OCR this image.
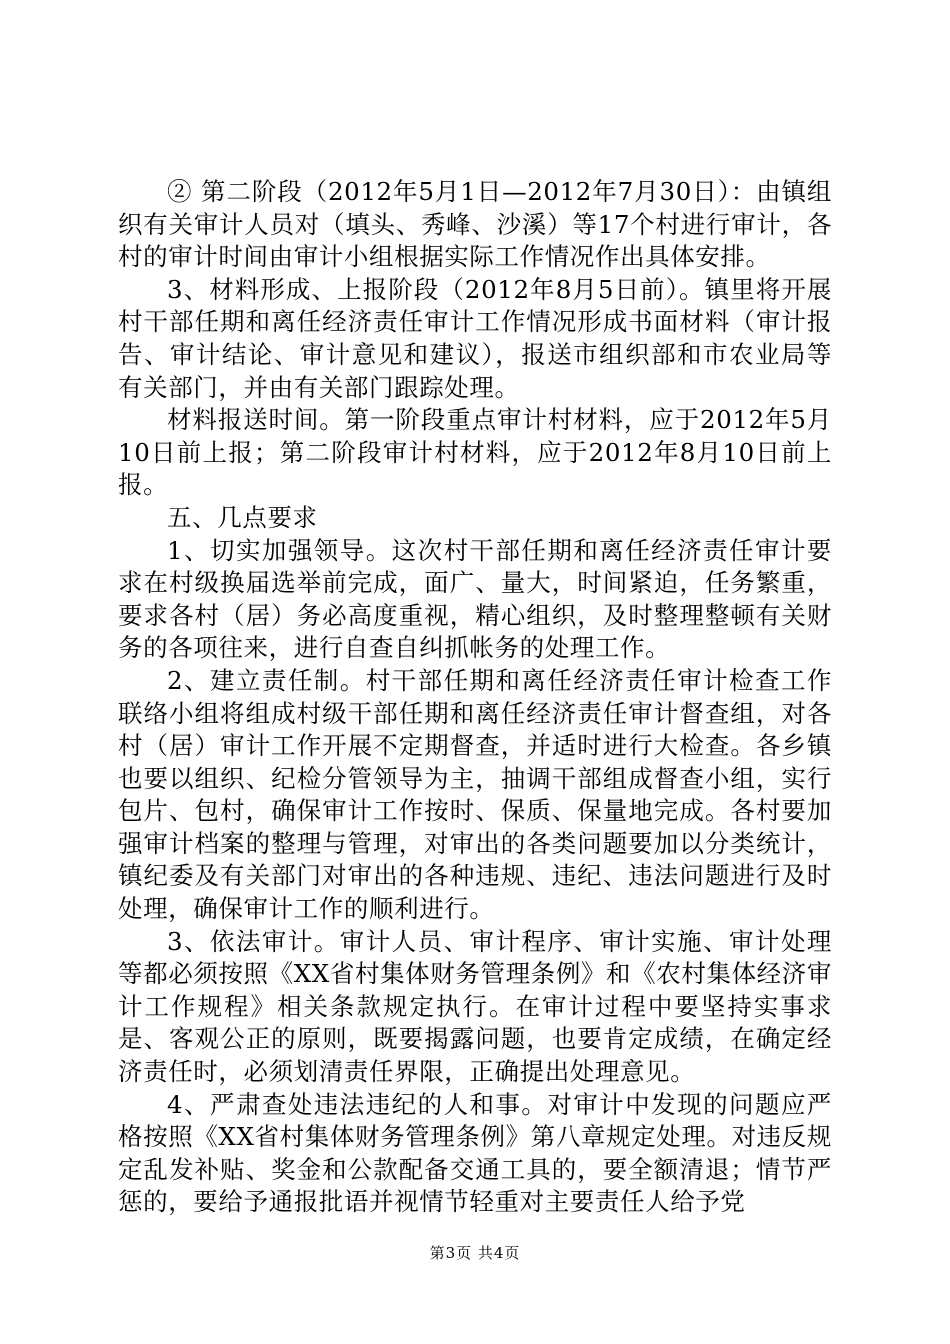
② 第二阶段（2012年5月1日—2012年7月30日）：由镇组织有关审计人员对（填头、秀峰、沙溪）等17个村进行审计，各村的审计时间由审计小组根据实际工作情况作出具体安排。

3、材料形成、上报阶段（2012年8月5日前）。镇里将开展村干部任期和离任经济责任审计工作情况形成书面材料（审计报告、审计结论、审计意见和建议），报送市组织部和市农业局等有关部门，并由有关部门跟踪处理。

材料报送时间。第一阶段重点审计村材料，应于2012年5月10日前上报；第二阶段审计村材料，应于2012年8月10日前上报。

五、几点要求

1、切实加强领导。这次村干部任期和离任经济责任审计要求在村级换届选举前完成，面广、量大，时间紧迫，任务繁重，要求各村（居）务必高度重视，精心组织，及时整理整顿有关财务的各项往来，进行自查自纠抓帐务的处理工作。

2、建立责任制。村干部任期和离任经济责任审计检查工作联络小组将组成村级干部任期和离任经济责任审计督查组，对各村（居）审计工作开展不定期督查，并适时进行大检查。各乡镇也要以组织、纪检分管领导为主，抽调干部组成督查小组，实行包片、包村，确保审计工作按时、保质、保量地完成。各村要加强审计档案的整理与管理，对审出的各类问题要加以分类统计，镇纪委及有关部门对审出的各种违规、违纪、违法问题进行及时处理，确保审计工作的顺利进行。

3、依法审计。审计人员、审计程序、审计实施、审计处理等都必须按照《XX省村集体财务管理条例》和《农村集体经济审计工作规程》相关条款规定执行。在审计过程中要坚持实事求是、客观公正的原则，既要揭露问题，也要肯定成绩，在确定经济责任时，必须划清责任界限，正确提出处理意见。

4、严肃查处违法违纪的人和事。对审计中发现的问题应严格按照《XX省村集体财务管理条例》第八章规定处理。对违反规定乱发补贴、奖金和公款配备交通工具的，要全额清退；情节严惩的，要给予通报批语并视情节轻重对主要责任人给予党

第3页 共4页
